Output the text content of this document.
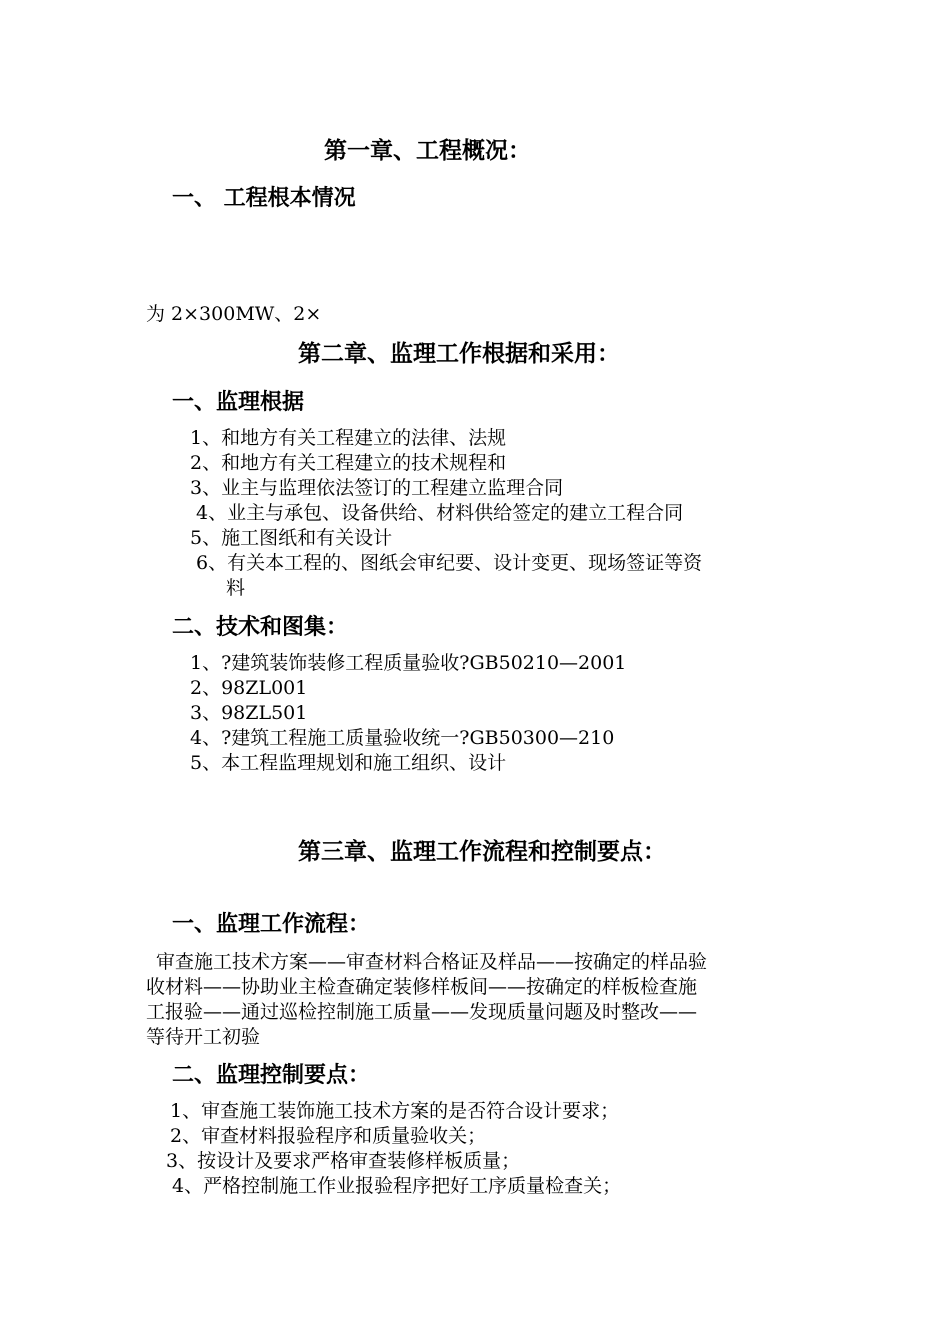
第一章、工程概况：
一、 工程根本情况
为 2×300MW、2×
第二章、监理工作根据和采用：
一、监理根据
1、和地方有关工程建立的法律、法规
2、和地方有关工程建立的技术规程和
3、业主与监理依法签订的工程建立监理合同
4、业主与承包、设备供给、材料供给签定的建立工程合同
5、施工图纸和有关设计
6、有关本工程的、图纸会审纪要、设计变更、现场签证等资
料
二、技术和图集：
1、?建筑装饰装修工程质量验收?GB50210—2001
2、98ZL001
3、98ZL501
4、?建筑工程施工质量验收统一?GB50300—210
5、本工程监理规划和施工组织、设计
第三章、监理工作流程和控制要点：
一、监理工作流程：
审查施工技术方案——审查材料合格证及样品——按确定的样品验
收材料——协助业主检查确定装修样板间——按确定的样板检查施
工报验——通过巡检控制施工质量——发现质量问题及时整改——
等待开工初验
二、监理控制要点：
1、审查施工装饰施工技术方案的是否符合设计要求；
2、审查材料报验程序和质量验收关；
3、按设计及要求严格审查装修样板质量；
4、严格控制施工作业报验程序把好工序质量检查关；
